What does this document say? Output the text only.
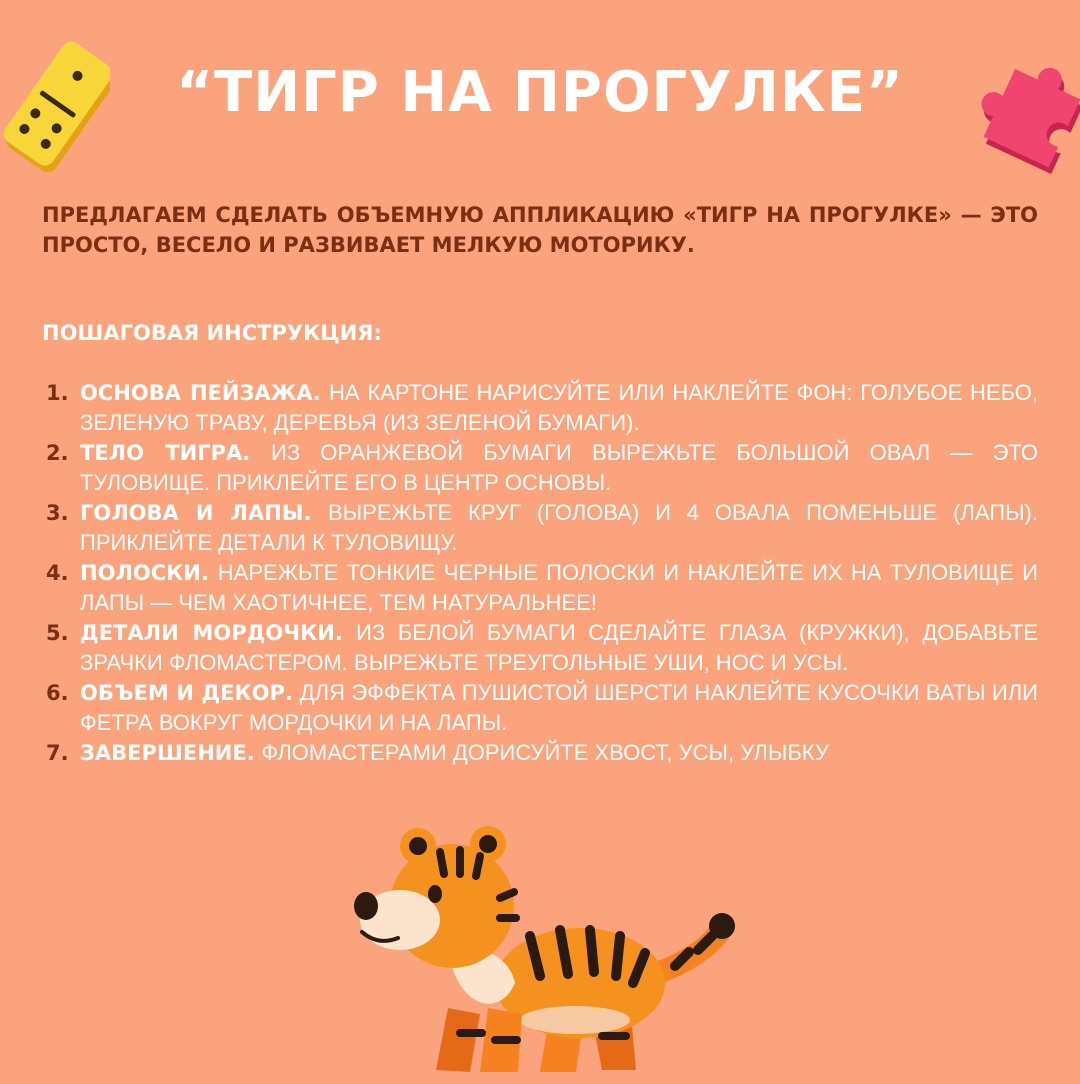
“ТИГР НА ПРОГУЛКЕ”

ПРЕДЛАГАЕМ СДЕЛАТЬ ОБЪЕМНУЮ АППЛИКАЦИЮ «ТИГР НА ПРОГУЛКЕ» — ЭТО ПРОСТО, ВЕСЕЛО И РАЗВИВАЕТ МЕЛКУЮ МОТОРИКУ.

ПОШАГОВАЯ ИНСТРУКЦИЯ:

1. ОСНОВА ПЕЙЗАЖА. НА КАРТОНЕ НАРИСУЙТЕ ИЛИ НАКЛЕЙТЕ ФОН: ГОЛУБОЕ НЕБО, ЗЕЛЕНУЮ ТРАВУ, ДЕРЕВЬЯ (ИЗ ЗЕЛЕНОЙ БУМАГИ).
2. ТЕЛО ТИГРА. ИЗ ОРАНЖЕВОЙ БУМАГИ ВЫРЕЖЬТЕ БОЛЬШОЙ ОВАЛ — ЭТО ТУЛОВИЩЕ. ПРИКЛЕЙТЕ ЕГО В ЦЕНТР ОСНОВЫ.
3. ГОЛОВА И ЛАПЫ. ВЫРЕЖЬТЕ КРУГ (ГОЛОВА) И 4 ОВАЛА ПОМЕНЬШЕ (ЛАПЫ). ПРИКЛЕЙТЕ ДЕТАЛИ К ТУЛОВИЩУ.
4. ПОЛОСКИ. НАРЕЖЬТЕ ТОНКИЕ ЧЕРНЫЕ ПОЛОСКИ И НАКЛЕЙТЕ ИХ НА ТУЛОВИЩЕ И ЛАПЫ — ЧЕМ ХАОТИЧНЕЕ, ТЕМ НАТУРАЛЬНЕЕ!
5. ДЕТАЛИ МОРДОЧКИ. ИЗ БЕЛОЙ БУМАГИ СДЕЛАЙТЕ ГЛАЗА (КРУЖКИ), ДОБАВЬТЕ ЗРАЧКИ ФЛОМАСТЕРОМ. ВЫРЕЖЬТЕ ТРЕУГОЛЬНЫЕ УШИ, НОС И УСЫ.
6. ОБЪЕМ И ДЕКОР. ДЛЯ ЭФФЕКТА ПУШИСТОЙ ШЕРСТИ НАКЛЕЙТЕ КУСОЧКИ ВАТЫ ИЛИ ФЕТРА ВОКРУГ МОРДОЧКИ И НА ЛАПЫ.
7. ЗАВЕРШЕНИЕ. ФЛОМАСТЕРАМИ ДОРИСУЙТЕ ХВОСТ, УСЫ, УЛЫБКУ
